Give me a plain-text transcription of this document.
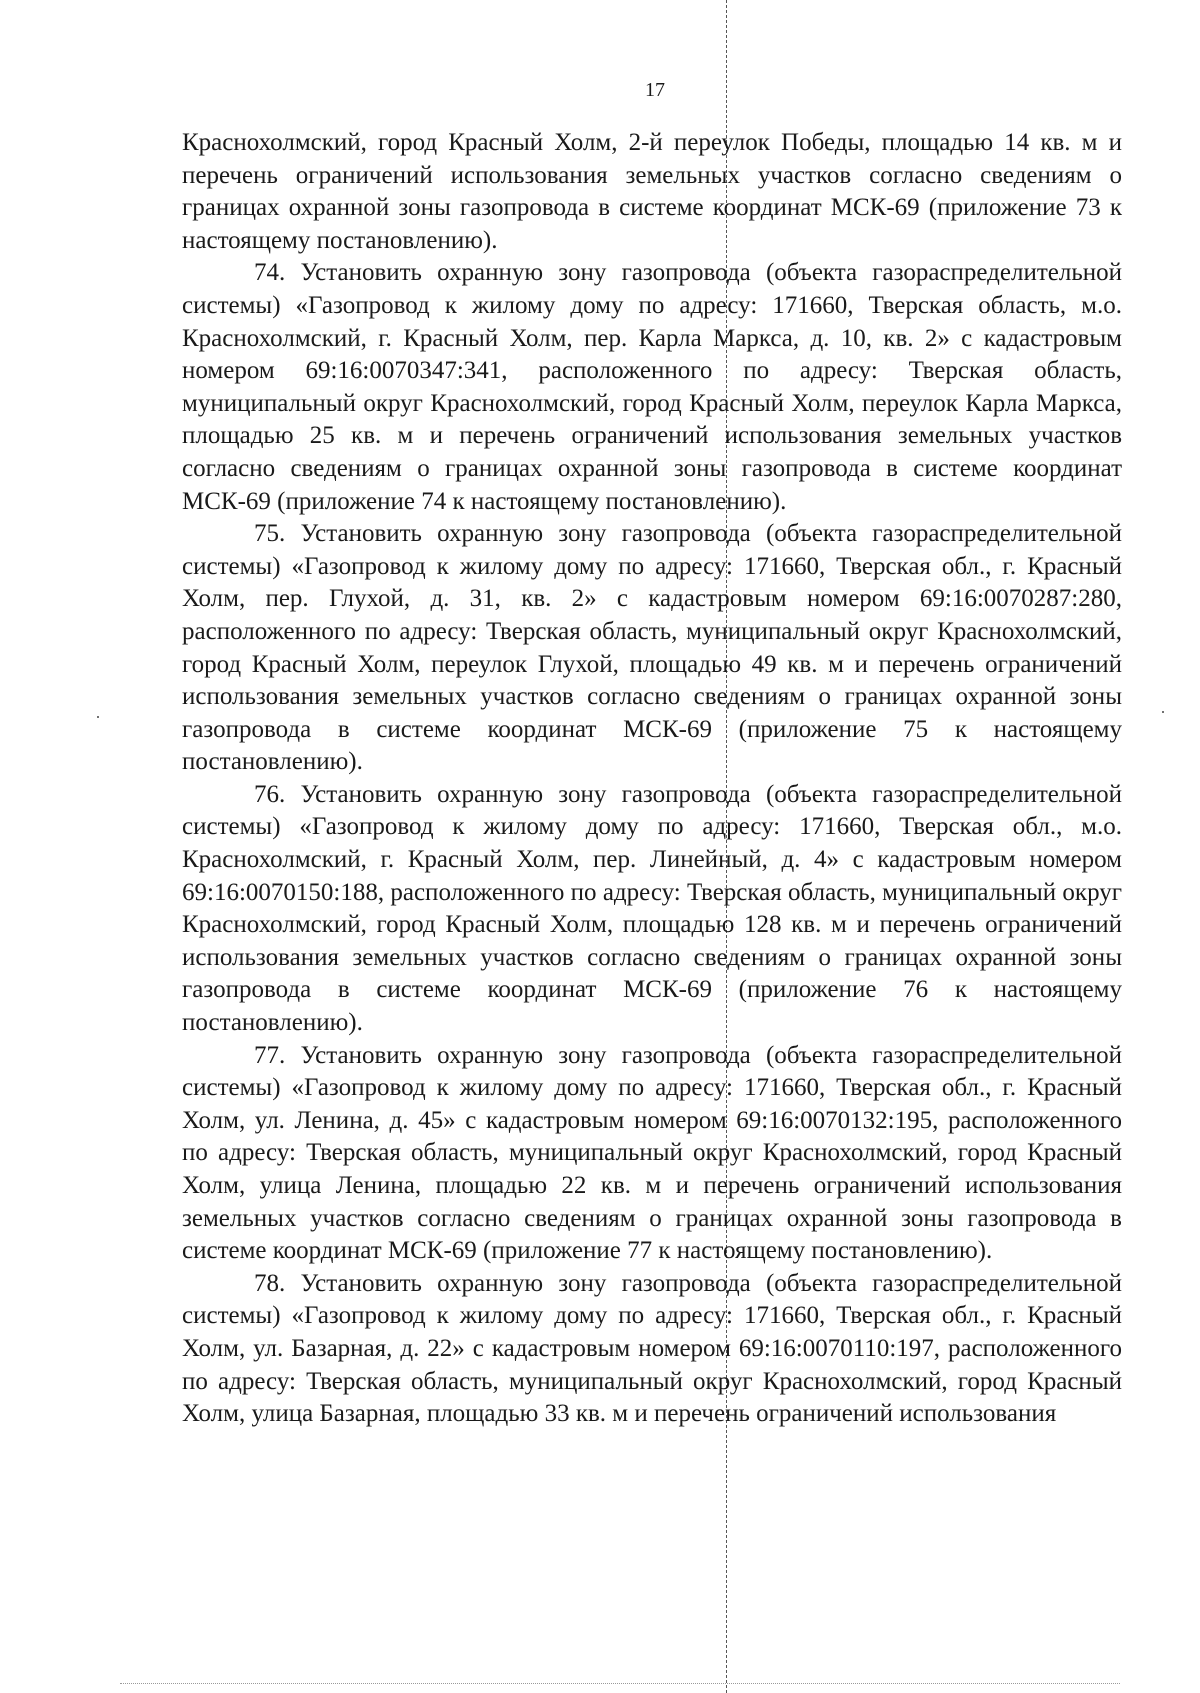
17

Краснохолмский, город Красный Холм, 2-й переулок Победы, площадью 14 кв. м и перечень ограничений использования земельных участков согласно сведениям о границах охранной зоны газопровода в системе координат МСК-69 (приложение 73 к настоящему постановлению).

74. Установить охранную зону газопровода (объекта газораспределительной системы) «Газопровод к жилому дому по адресу: 171660, Тверская область, м.о. Краснохолмский, г. Красный Холм, пер. Карла Маркса, д. 10, кв. 2» с кадастровым номером 69:16:0070347:341, расположенного по адресу: Тверская область, муниципальный округ Краснохолмский, город Красный Холм, переулок Карла Маркса, площадью 25 кв. м и перечень ограничений использования земельных участков согласно сведениям о границах охранной зоны газопровода в системе координат МСК-69 (приложение 74 к настоящему постановлению).

75. Установить охранную зону газопровода (объекта газораспределительной системы) «Газопровод к жилому дому по адресу: 171660, Тверская обл., г. Красный Холм, пер. Глухой, д. 31, кв. 2» с кадастровым номером 69:16:0070287:280, расположенного по адресу: Тверская область, муниципальный округ Краснохолмский, город Красный Холм, переулок Глухой, площадью 49 кв. м и перечень ограничений использования земельных участков согласно сведениям о границах охранной зоны газопровода в системе координат МСК-69 (приложение 75 к настоящему постановлению).

76. Установить охранную зону газопровода (объекта газораспределительной системы) «Газопровод к жилому дому по адресу: 171660, Тверская обл., м.о. Краснохолмский, г. Красный Холм, пер. Линейный, д. 4» с кадастровым номером 69:16:0070150:188, расположенного по адресу: Тверская область, муниципальный округ Краснохолмский, город Красный Холм, площадью 128 кв. м и перечень ограничений использования земельных участков согласно сведениям о границах охранной зоны газопровода в системе координат МСК-69 (приложение 76 к настоящему постановлению).

77. Установить охранную зону газопровода (объекта газораспределительной системы) «Газопровод к жилому дому по адресу: 171660, Тверская обл., г. Красный Холм, ул. Ленина, д. 45» с кадастровым номером 69:16:0070132:195, расположенного по адресу: Тверская область, муниципальный округ Краснохолмский, город Красный Холм, улица Ленина, площадью 22 кв. м и перечень ограничений использования земельных участков согласно сведениям о границах охранной зоны газопровода в системе координат МСК-69 (приложение 77 к настоящему постановлению).

78. Установить охранную зону газопровода (объекта газораспределительной системы) «Газопровод к жилому дому по адресу: 171660, Тверская обл., г. Красный Холм, ул. Базарная, д. 22» с кадастровым номером 69:16:0070110:197, расположенного по адресу: Тверская область, муниципальный округ Краснохолмский, город Красный Холм, улица Базарная, площадью 33 кв. м и перечень ограничений использования
